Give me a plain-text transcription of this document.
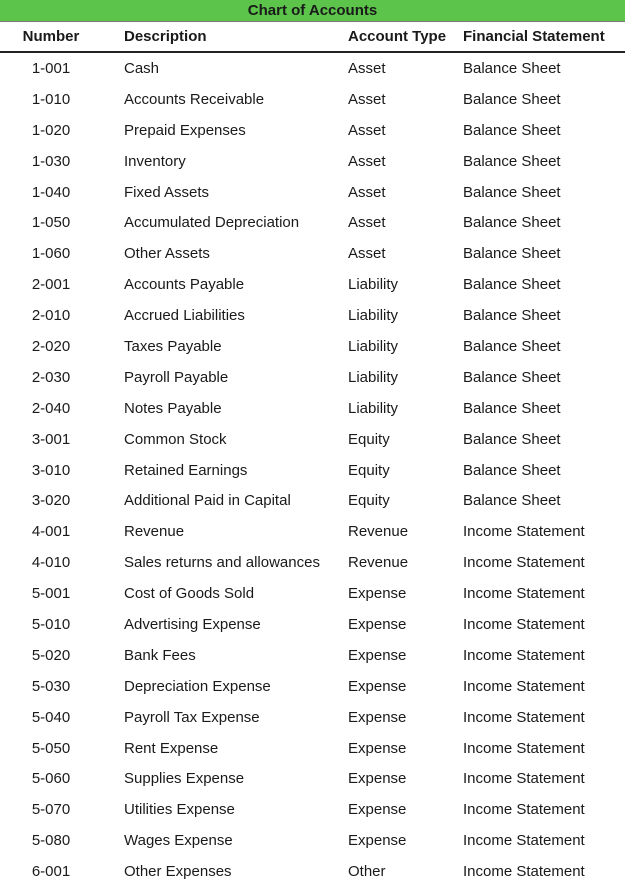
Chart of Accounts
Number	Description	Account Type	Financial Statement
1-001	Cash	Asset	Balance Sheet
1-010	Accounts Receivable	Asset	Balance Sheet
1-020	Prepaid Expenses	Asset	Balance Sheet
1-030	Inventory	Asset	Balance Sheet
1-040	Fixed Assets	Asset	Balance Sheet
1-050	Accumulated Depreciation	Asset	Balance Sheet
1-060	Other Assets	Asset	Balance Sheet
2-001	Accounts Payable	Liability	Balance Sheet
2-010	Accrued Liabilities	Liability	Balance Sheet
2-020	Taxes Payable	Liability	Balance Sheet
2-030	Payroll Payable	Liability	Balance Sheet
2-040	Notes Payable	Liability	Balance Sheet
3-001	Common Stock	Equity	Balance Sheet
3-010	Retained Earnings	Equity	Balance Sheet
3-020	Additional Paid in Capital	Equity	Balance Sheet
4-001	Revenue	Revenue	Income Statement
4-010	Sales returns and allowances	Revenue	Income Statement
5-001	Cost of Goods Sold	Expense	Income Statement
5-010	Advertising Expense	Expense	Income Statement
5-020	Bank Fees	Expense	Income Statement
5-030	Depreciation Expense	Expense	Income Statement
5-040	Payroll Tax Expense	Expense	Income Statement
5-050	Rent Expense	Expense	Income Statement
5-060	Supplies Expense	Expense	Income Statement
5-070	Utilities Expense	Expense	Income Statement
5-080	Wages Expense	Expense	Income Statement
6-001	Other Expenses	Other	Income Statement
